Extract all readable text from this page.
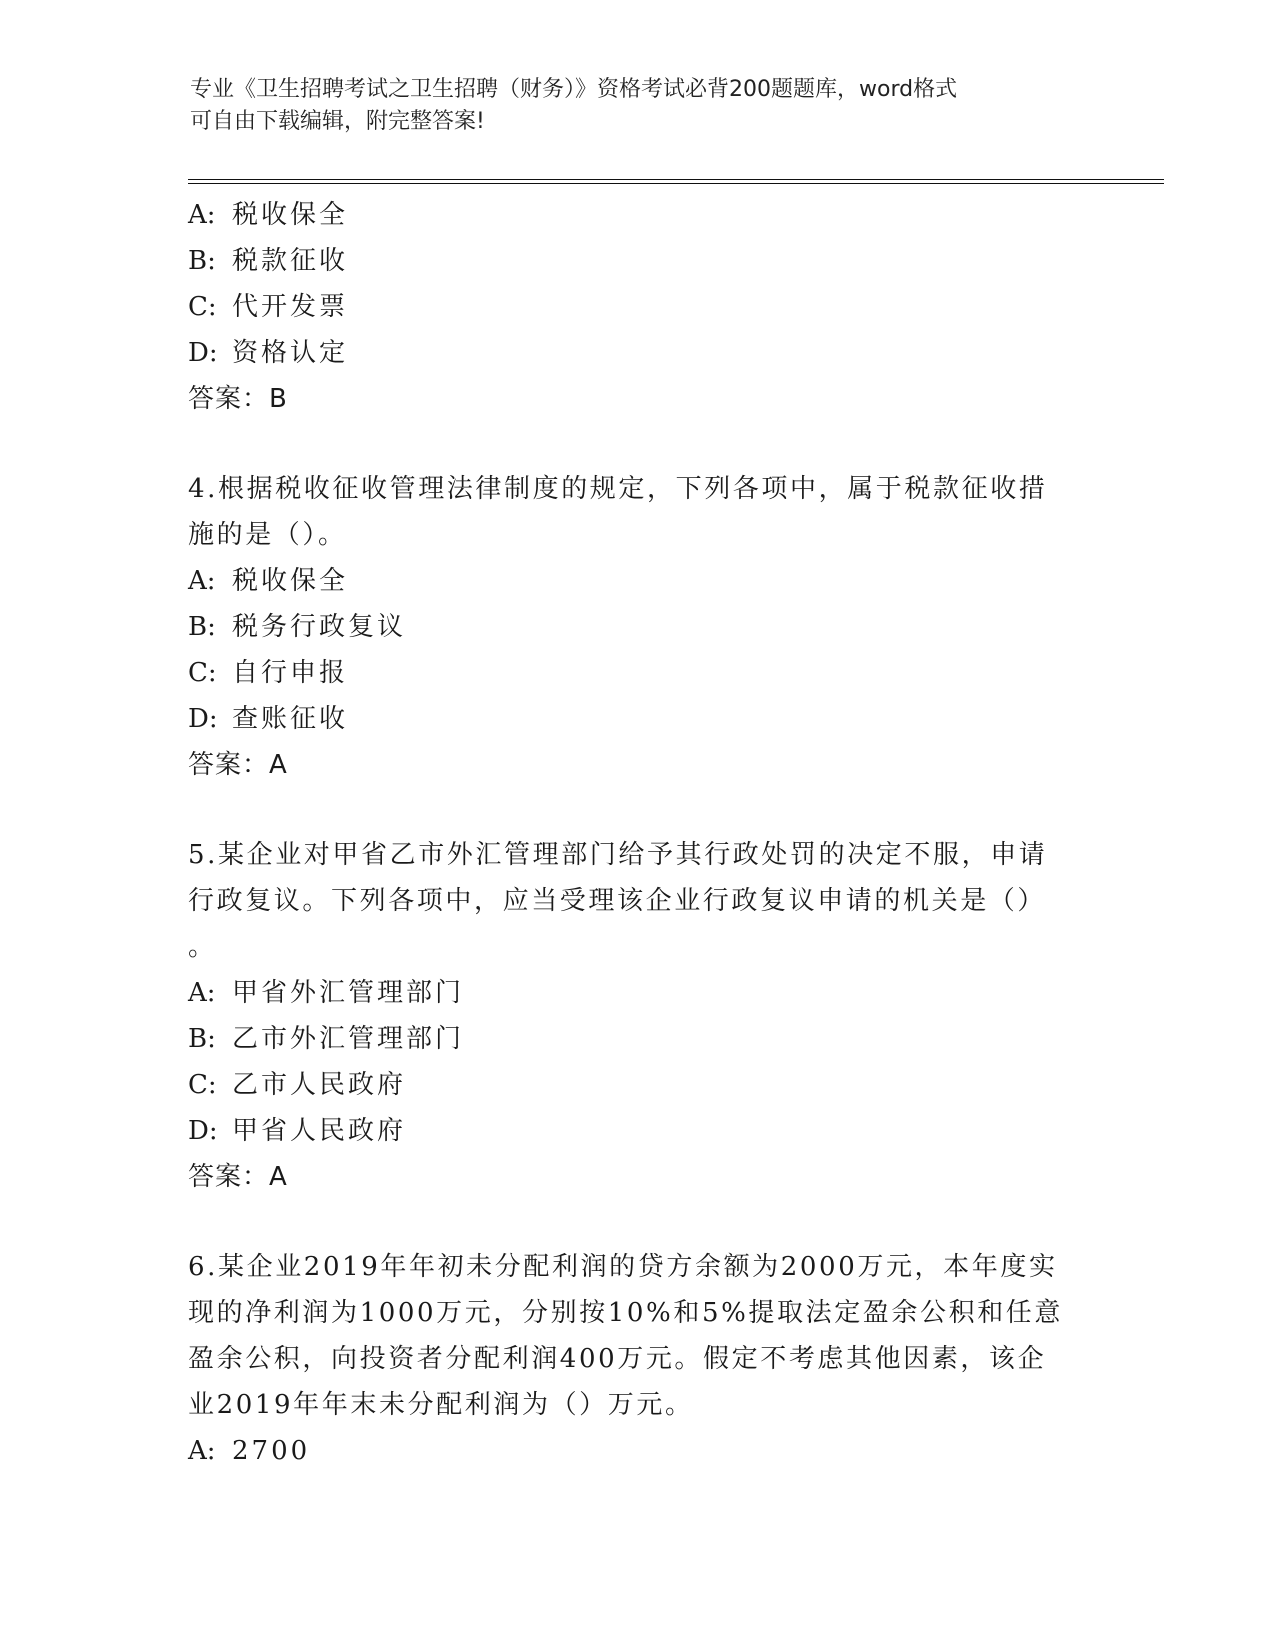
专业《卫生招聘考试之卫生招聘（财务）》资格考试必背200题题库，word格式
可自由下载编辑，附完整答案!
A: 税收保全
B: 税款征收
C: 代开发票
D: 资格认定
答案：B
4.根据税收征收管理法律制度的规定，下列各项中，属于税款征收措
施的是（）。
A: 税收保全
B: 税务行政复议
C: 自行申报
D: 查账征收
答案：A
5.某企业对甲省乙市外汇管理部门给予其行政处罚的决定不服，申请
行政复议。下列各项中，应当受理该企业行政复议申请的机关是（）
。
A: 甲省外汇管理部门
B: 乙市外汇管理部门
C: 乙市人民政府
D: 甲省人民政府
答案：A
6.某企业2019年年初未分配利润的贷方余额为2000万元，本年度实
现的净利润为1000万元，分别按10%和5%提取法定盈余公积和任意
盈余公积，向投资者分配利润400万元。假定不考虑其他因素，该企
业2019年年末未分配利润为（）万元。
A: 2700
